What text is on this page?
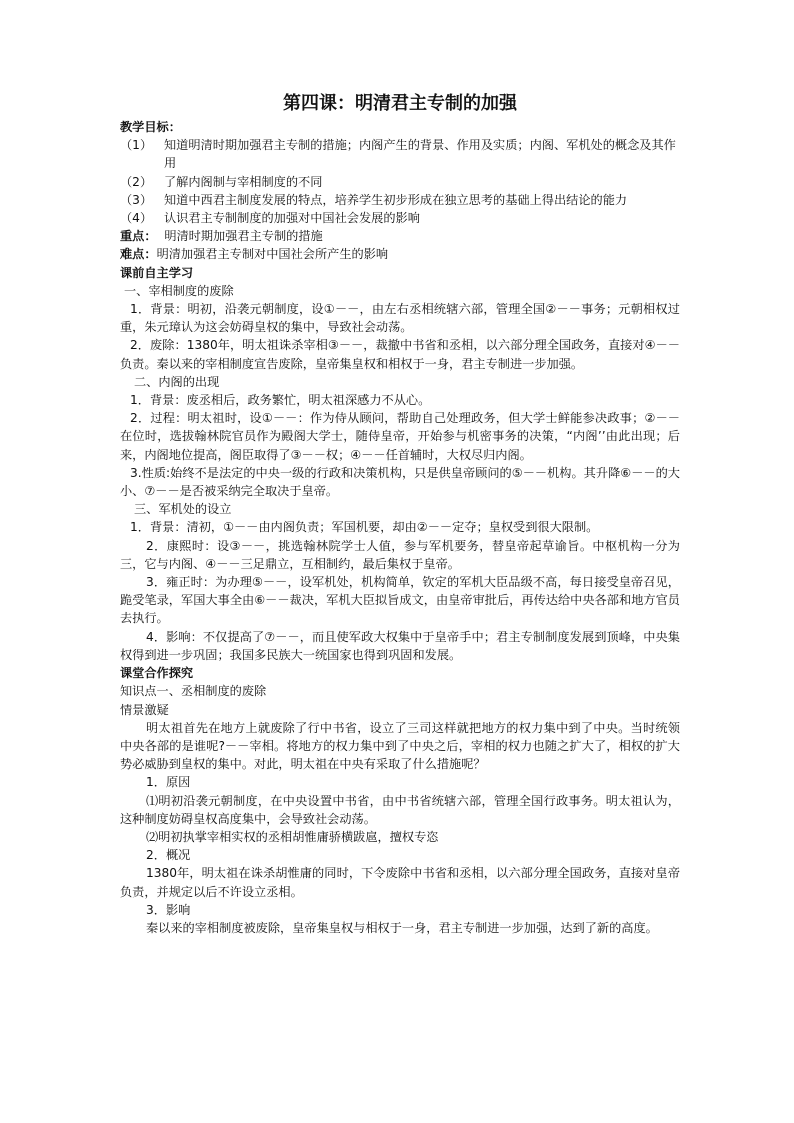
第四课：明清君主专制的加强

教学目标：

（1） 知道明清时期加强君主专制的措施；内阁产生的背景、作用及实质；内阁、军机处的概念及其作用
（2） 了解内阁制与宰相制度的不同
（3） 知道中西君主制度发展的特点，培养学生初步形成在独立思考的基础上得出结论的能力
（4） 认识君主专制制度的加强对中国社会发展的影响

重点： 明清时期加强君主专制的措施

难点：明清加强君主专制对中国社会所产生的影响

课前自主学习

一、宰相制度的废除

1．背景：明初，沿袭元朝制度，设①－－，由左右丞相统辖六部，管理全国②－－事务；元朝相权过重，朱元璋认为这会妨碍皇权的集中，导致社会动荡。

2．废除：1380年，明太祖诛杀宰相③－－，裁撤中书省和丞相，以六部分理全国政务，直接对④－－负责。秦以来的宰相制度宣告废除，皇帝集皇权和相权于一身，君主专制进一步加强。

二、内阁的出现

1．背景：废丞相后，政务繁忙，明太祖深感力不从心。

2．过程：明太祖时，设①－－：作为侍从顾问，帮助自己处理政务，但大学士鲜能参决政事；②－－在位时，选拔翰林院官员作为殿阁大学士，随侍皇帝，开始参与机密事务的决策，“内阁’’由此出现；后来，内阁地位提高，阁臣取得了③－－权；④－－任首辅时，大权尽归内阁。

3.性质:始终不是法定的中央一级的行政和决策机构，只是供皇帝顾问的⑤－－机构。其升降⑥－－的大小、⑦－－是否被采纳完全取决于皇帝。

三、军机处的设立

1．背景：清初，①－－由内阁负责；军国机要，却由②－－定夺；皇权受到很大限制。

2．康熙时：设③－－，挑选翰林院学士人值，参与军机要务，替皇帝起草谕旨。中枢机构一分为三，它与内阁、④－－三足鼎立，互相制约，最后集权于皇帝。

3．雍正时：为办理⑤－－，设军机处，机构简单，钦定的军机大臣品级不高，每日接受皇帝召见，跪受笔录，军国大事全由⑥－－裁决，军机大臣拟旨成文，由皇帝审批后，再传达给中央各部和地方官员去执行。

4．影响：不仅提高了⑦－－，而且使军政大权集中于皇帝手中；君主专制制度发展到顶峰，中央集权得到进一步巩固；我国多民族大一统国家也得到巩固和发展。

课堂合作探究

知识点一、丞相制度的废除

情景激疑

明太祖首先在地方上就废除了行中书省，设立了三司这样就把地方的权力集中到了中央。当时统领中央各部的是谁呢?－－宰相。将地方的权力集中到了中央之后，宰相的权力也随之扩大了，相权的扩大势必威胁到皇权的集中。对此，明太祖在中央有采取了什么措施呢？

1．原因

⑴明初沿袭元朝制度，在中央设置中书省，由中书省统辖六部，管理全国行政事务。明太祖认为，这种制度妨碍皇权高度集中，会导致社会动荡。

⑵明初执掌宰相实权的丞相胡惟庸骄横跋扈，擅权专恣

2．概况

1380年，明太祖在诛杀胡惟庸的同时，下令废除中书省和丞相，以六部分理全国政务，直接对皇帝负责，并规定以后不许设立丞相。

3．影响

秦以来的宰相制度被废除，皇帝集皇权与相权于一身，君主专制进一步加强，达到了新的高度。
